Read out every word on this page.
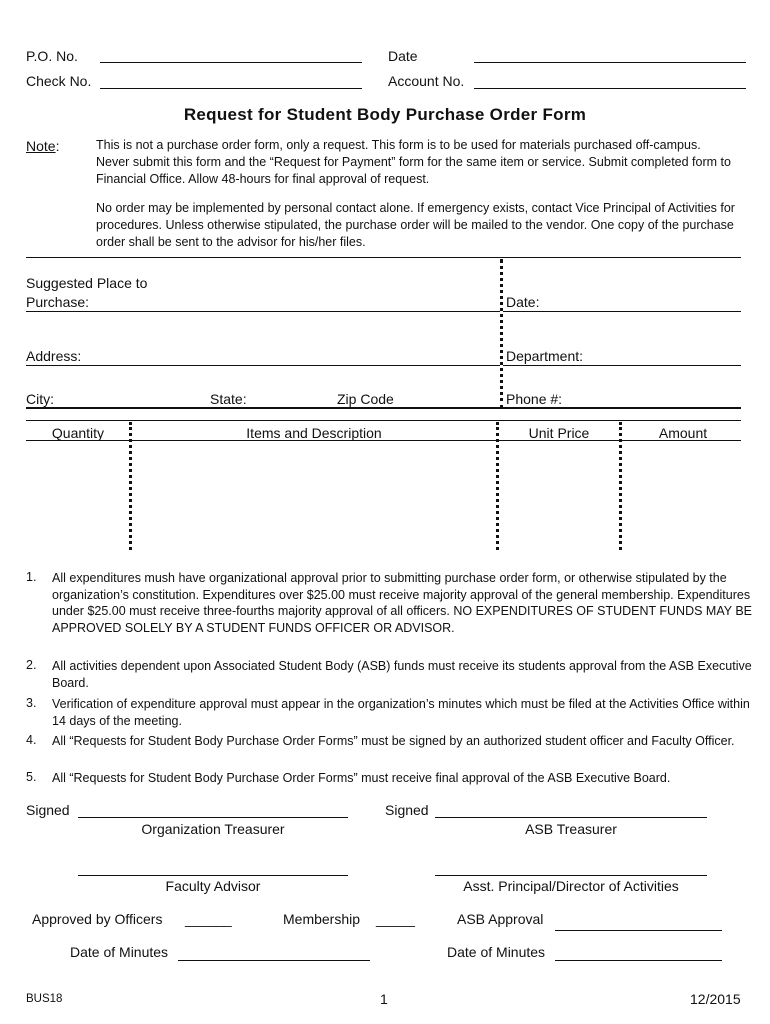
P.O. No.	Date
Check No.	Account No.
Request for Student Body Purchase Order Form
Note:	This is not a purchase order form, only a request. This form is to be used for materials purchased off-campus. Never submit this form and the “Request for Payment” form for the same item or service. Submit completed form to Financial Office. Allow 48-hours for final approval of request.
No order may be implemented by personal contact alone. If emergency exists, contact Vice Principal of Activities for procedures. Unless otherwise stipulated, the purchase order will be mailed to the vendor. One copy of the purchase order shall be sent to the advisor for his/her files.
Suggested Place to
Purchase:	Date:
Address:	Department:
City:	State:	Zip Code	Phone #:
Quantity	Items and Description	Unit Price	Amount
1. All expenditures mush have organizational approval prior to submitting purchase order form, or otherwise stipulated by the organization’s constitution. Expenditures over $25.00 must receive majority approval of the general membership. Expenditures under $25.00 must receive three-fourths majority approval of all officers. NO EXPENDITURES OF STUDENT FUNDS MAY BE APPROVED SOLELY BY A STUDENT FUNDS OFFICER OR ADVISOR.
2. All activities dependent upon Associated Student Body (ASB) funds must receive its students approval from the ASB Executive Board.
3. Verification of expenditure approval must appear in the organization’s minutes which must be filed at the Activities Office within 14 days of the meeting.
4. All “Requests for Student Body Purchase Order Forms” must be signed by an authorized student officer and Faculty Officer.
5. All “Requests for Student Body Purchase Order Forms” must receive final approval of the ASB Executive Board.
Signed
Organization Treasurer
Signed
ASB Treasurer
Faculty Advisor	Asst. Principal/Director of Activities
Approved by Officers ______	Membership _____	ASB Approval
Date of Minutes	Date of Minutes
BUS18	1	12/2015
